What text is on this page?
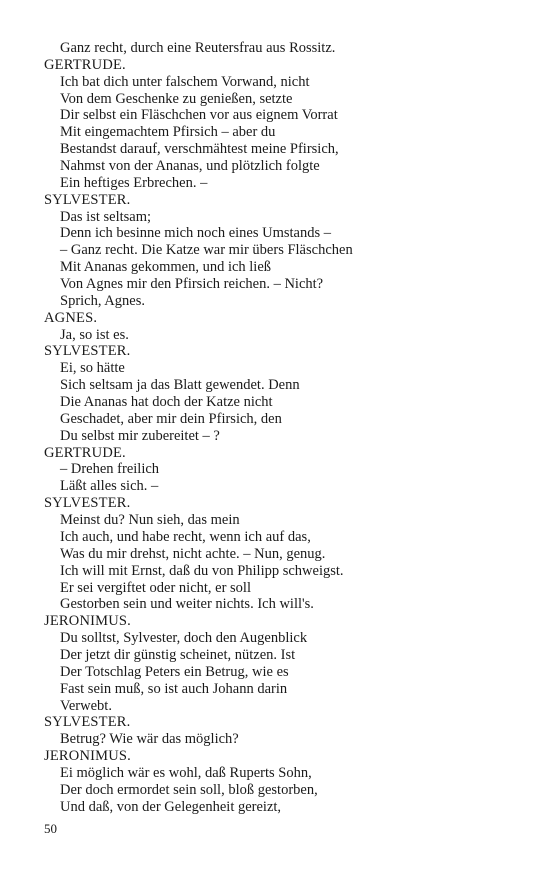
Ganz recht, durch eine Reutersfrau aus Rossitz.
GERTRUDE.
Ich bat dich unter falschem Vorwand, nicht
Von dem Geschenke zu genießen, setzte
Dir selbst ein Fläschchen vor aus eignem Vorrat
Mit eingemachtem Pfirsich – aber du
Bestandst darauf, verschmähtest meine Pfirsich,
Nahmst von der Ananas, und plötzlich folgte
Ein heftiges Erbrechen. –
SYLVESTER.
Das ist seltsam;
Denn ich besinne mich noch eines Umstands –
– Ganz recht. Die Katze war mir übers Fläschchen
Mit Ananas gekommen, und ich ließ
Von Agnes mir den Pfirsich reichen. – Nicht?
Sprich, Agnes.
AGNES.
Ja, so ist es.
SYLVESTER.
Ei, so hätte
Sich seltsam ja das Blatt gewendet. Denn
Die Ananas hat doch der Katze nicht
Geschadet, aber mir dein Pfirsich, den
Du selbst mir zubereitet – ?
GERTRUDE.
– Drehen freilich
Läßt alles sich. –
SYLVESTER.
Meinst du? Nun sieh, das mein
Ich auch, und habe recht, wenn ich auf das,
Was du mir drehst, nicht achte. – Nun, genug.
Ich will mit Ernst, daß du von Philipp schweigst.
Er sei vergiftet oder nicht, er soll
Gestorben sein und weiter nichts. Ich will's.
JERONIMUS.
Du solltst, Sylvester, doch den Augenblick
Der jetzt dir günstig scheinet, nützen. Ist
Der Totschlag Peters ein Betrug, wie es
Fast sein muß, so ist auch Johann darin
Verwebt.
SYLVESTER.
Betrug? Wie wär das möglich?
JERONIMUS.
Ei möglich wär es wohl, daß Ruperts Sohn,
Der doch ermordet sein soll, bloß gestorben,
Und daß, von der Gelegenheit gereizt,
50
